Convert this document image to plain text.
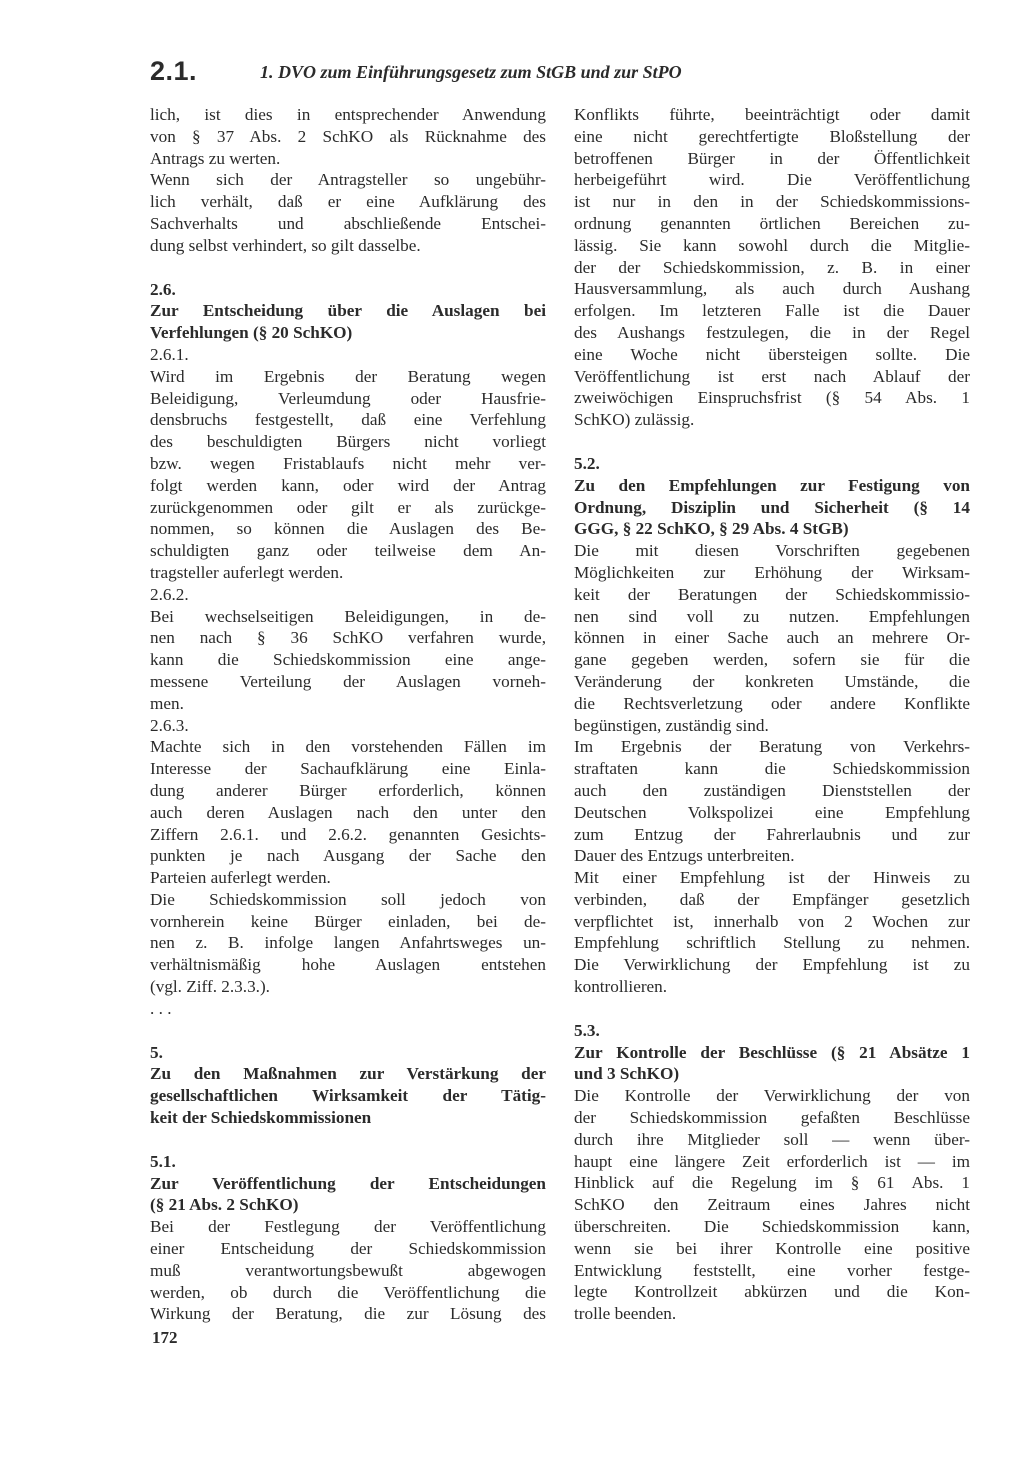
2.1.	1. DVO zum Einführungsgesetz zum StGB und zur StPO
lich, ist dies in entsprechender Anwendung
von § 37 Abs. 2 SchKO als Rücknahme des
Antrags zu werten.
Wenn sich der Antragsteller so ungebühr-
lich verhält, daß er eine Aufklärung des
Sachverhalts und abschließende Entschei-
dung selbst verhindert, so gilt dasselbe.
2.6.
Zur Entscheidung über die Auslagen bei
Verfehlungen (§ 20 SchKO)
2.6.1.
Wird im Ergebnis der Beratung wegen
Beleidigung, Verleumdung oder Hausfrie-
densbruchs festgestellt, daß eine Verfehlung
des beschuldigten Bürgers nicht vorliegt
bzw. wegen Fristablaufs nicht mehr ver-
folgt werden kann, oder wird der Antrag
zurückgenommen oder gilt er als zurückge-
nommen, so können die Auslagen des Be-
schuldigten ganz oder teilweise dem An-
tragsteller auferlegt werden.
2.6.2.
Bei wechselseitigen Beleidigungen, in de-
nen nach § 36 SchKO verfahren wurde,
kann die Schiedskommission eine ange-
messene Verteilung der Auslagen vorneh-
men.
2.6.3.
Machte sich in den vorstehenden Fällen im
Interesse der Sachaufklärung eine Einla-
dung anderer Bürger erforderlich, können
auch deren Auslagen nach den unter den
Ziffern 2.6.1. und 2.6.2. genannten Gesichts-
punkten je nach Ausgang der Sache den
Parteien auferlegt werden.
Die Schiedskommission soll jedoch von
vornherein keine Bürger einladen, bei de-
nen z. B. infolge langen Anfahrtsweges un-
verhältnismäßig hohe Auslagen entstehen
(vgl. Ziff. 2.3.3.).
. . .
5.
Zu den Maßnahmen zur Verstärkung der
gesellschaftlichen Wirksamkeit der Tätig-
keit der Schiedskommissionen
5.1.
Zur Veröffentlichung der Entscheidungen
(§ 21 Abs. 2 SchKO)
Bei der Festlegung der Veröffentlichung
einer Entscheidung der Schiedskommission
muß verantwortungsbewußt abgewogen
werden, ob durch die Veröffentlichung die
Wirkung der Beratung, die zur Lösung des
Konflikts führte, beeinträchtigt oder damit
eine nicht gerechtfertigte Bloßstellung der
betroffenen Bürger in der Öffentlichkeit
herbeigeführt wird. Die Veröffentlichung
ist nur in den in der Schiedskommissions-
ordnung genannten örtlichen Bereichen zu-
lässig. Sie kann sowohl durch die Mitglie-
der der Schiedskommission, z. B. in einer
Hausversammlung, als auch durch Aushang
erfolgen. Im letzteren Falle ist die Dauer
des Aushangs festzulegen, die in der Regel
eine Woche nicht übersteigen sollte. Die
Veröffentlichung ist erst nach Ablauf der
zweiwöchigen Einspruchsfrist (§ 54 Abs. 1
SchKO) zulässig.
5.2.
Zu den Empfehlungen zur Festigung von
Ordnung, Disziplin und Sicherheit (§ 14
GGG, § 22 SchKO, § 29 Abs. 4 StGB)
Die mit diesen Vorschriften gegebenen
Möglichkeiten zur Erhöhung der Wirksam-
keit der Beratungen der Schiedskommissio-
nen sind voll zu nutzen. Empfehlungen
können in einer Sache auch an mehrere Or-
gane gegeben werden, sofern sie für die
Veränderung der konkreten Umstände, die
die Rechtsverletzung oder andere Konflikte
begünstigen, zuständig sind.
Im Ergebnis der Beratung von Verkehrs-
straftaten kann die Schiedskommission
auch den zuständigen Dienststellen der
Deutschen Volkspolizei eine Empfehlung
zum Entzug der Fahrerlaubnis und zur
Dauer des Entzugs unterbreiten.
Mit einer Empfehlung ist der Hinweis zu
verbinden, daß der Empfänger gesetzlich
verpflichtet ist, innerhalb von 2 Wochen zur
Empfehlung schriftlich Stellung zu nehmen.
Die Verwirklichung der Empfehlung ist zu
kontrollieren.
5.3.
Zur Kontrolle der Beschlüsse (§ 21 Absätze 1
und 3 SchKO)
Die Kontrolle der Verwirklichung der von
der Schiedskommission gefaßten Beschlüsse
durch ihre Mitglieder soll — wenn über-
haupt eine längere Zeit erforderlich ist — im
Hinblick auf die Regelung im § 61 Abs. 1
SchKO den Zeitraum eines Jahres nicht
überschreiten. Die Schiedskommission kann,
wenn sie bei ihrer Kontrolle eine positive
Entwicklung feststellt, eine vorher festge-
legte Kontrollzeit abkürzen und die Kon-
trolle beenden.
172
